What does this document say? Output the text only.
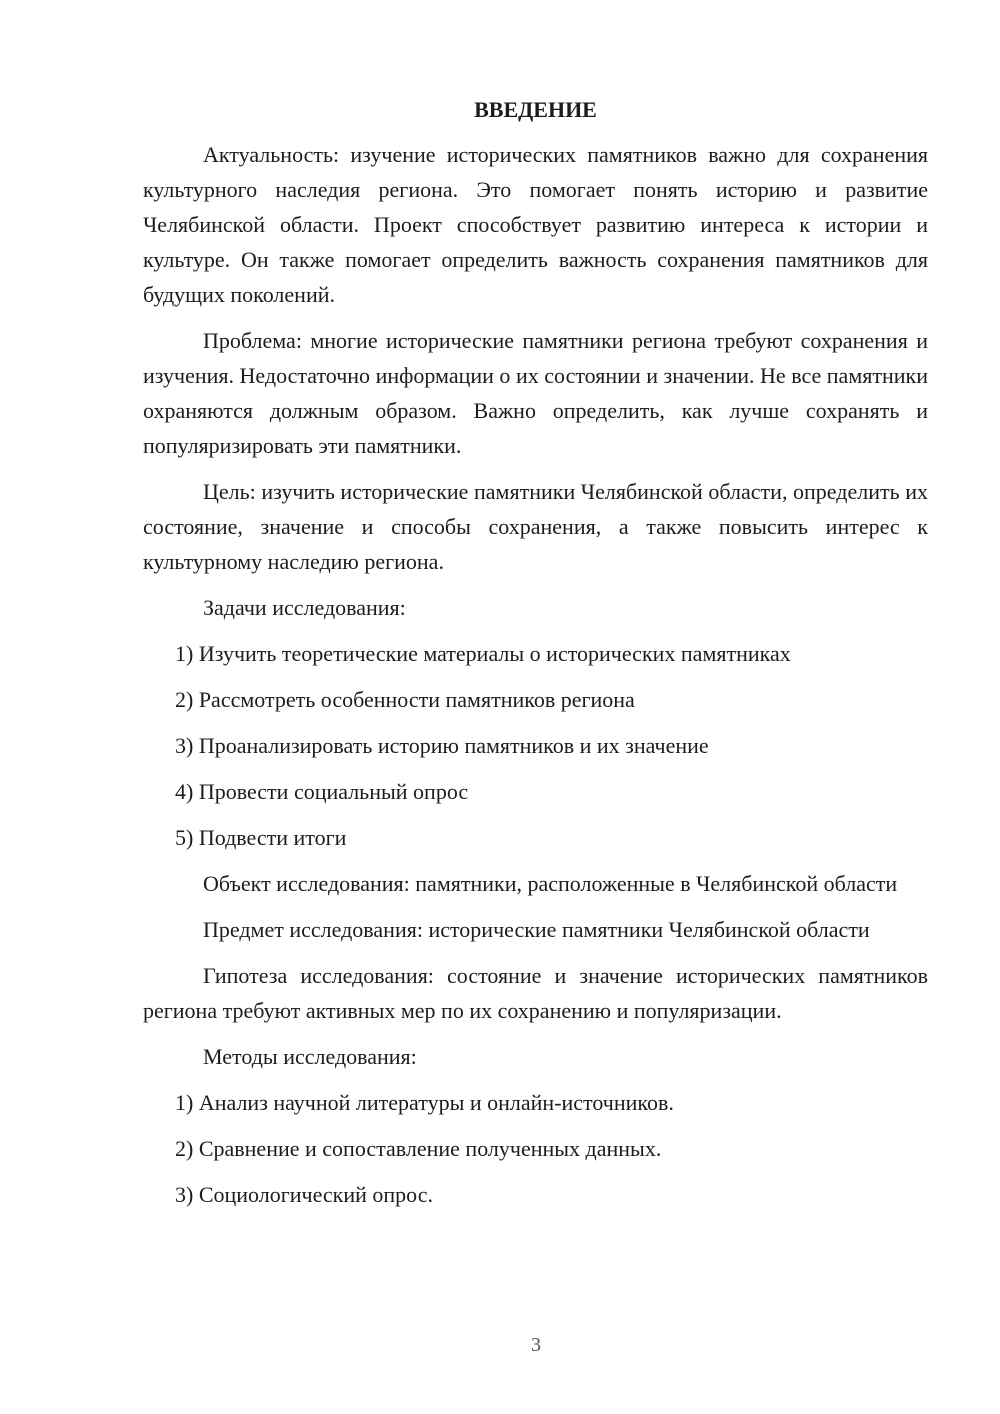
ВВЕДЕНИЕ

Актуальность: изучение исторических памятников важно для сохранения культурного наследия региона. Это помогает понять историю и развитие Челябинской области. Проект способствует развитию интереса к истории и культуре. Он также помогает определить важность сохранения памятников для будущих поколений.

Проблема: многие исторические памятники региона требуют сохранения и изучения. Недостаточно информации о их состоянии и значении. Не все памятники охраняются должным образом. Важно определить, как лучше сохранять и популяризировать эти памятники.

Цель: изучить исторические памятники Челябинской области, определить их состояние, значение и способы сохранения, а также повысить интерес к культурному наследию региона.

Задачи исследования:
1) Изучить теоретические материалы о исторических памятниках
2) Рассмотреть особенности памятников региона
3) Проанализировать историю памятников и их значение
4) Провести социальный опрос
5) Подвести итоги

Объект исследования: памятники, расположенные в Челябинской области

Предмет исследования: исторические памятники Челябинской области

Гипотеза исследования: состояние и значение исторических памятников региона требуют активных мер по их сохранению и популяризации.

Методы исследования:
1) Анализ научной литературы и онлайн-источников.
2) Сравнение и сопоставление полученных данных.
3) Социологический опрос.
3
